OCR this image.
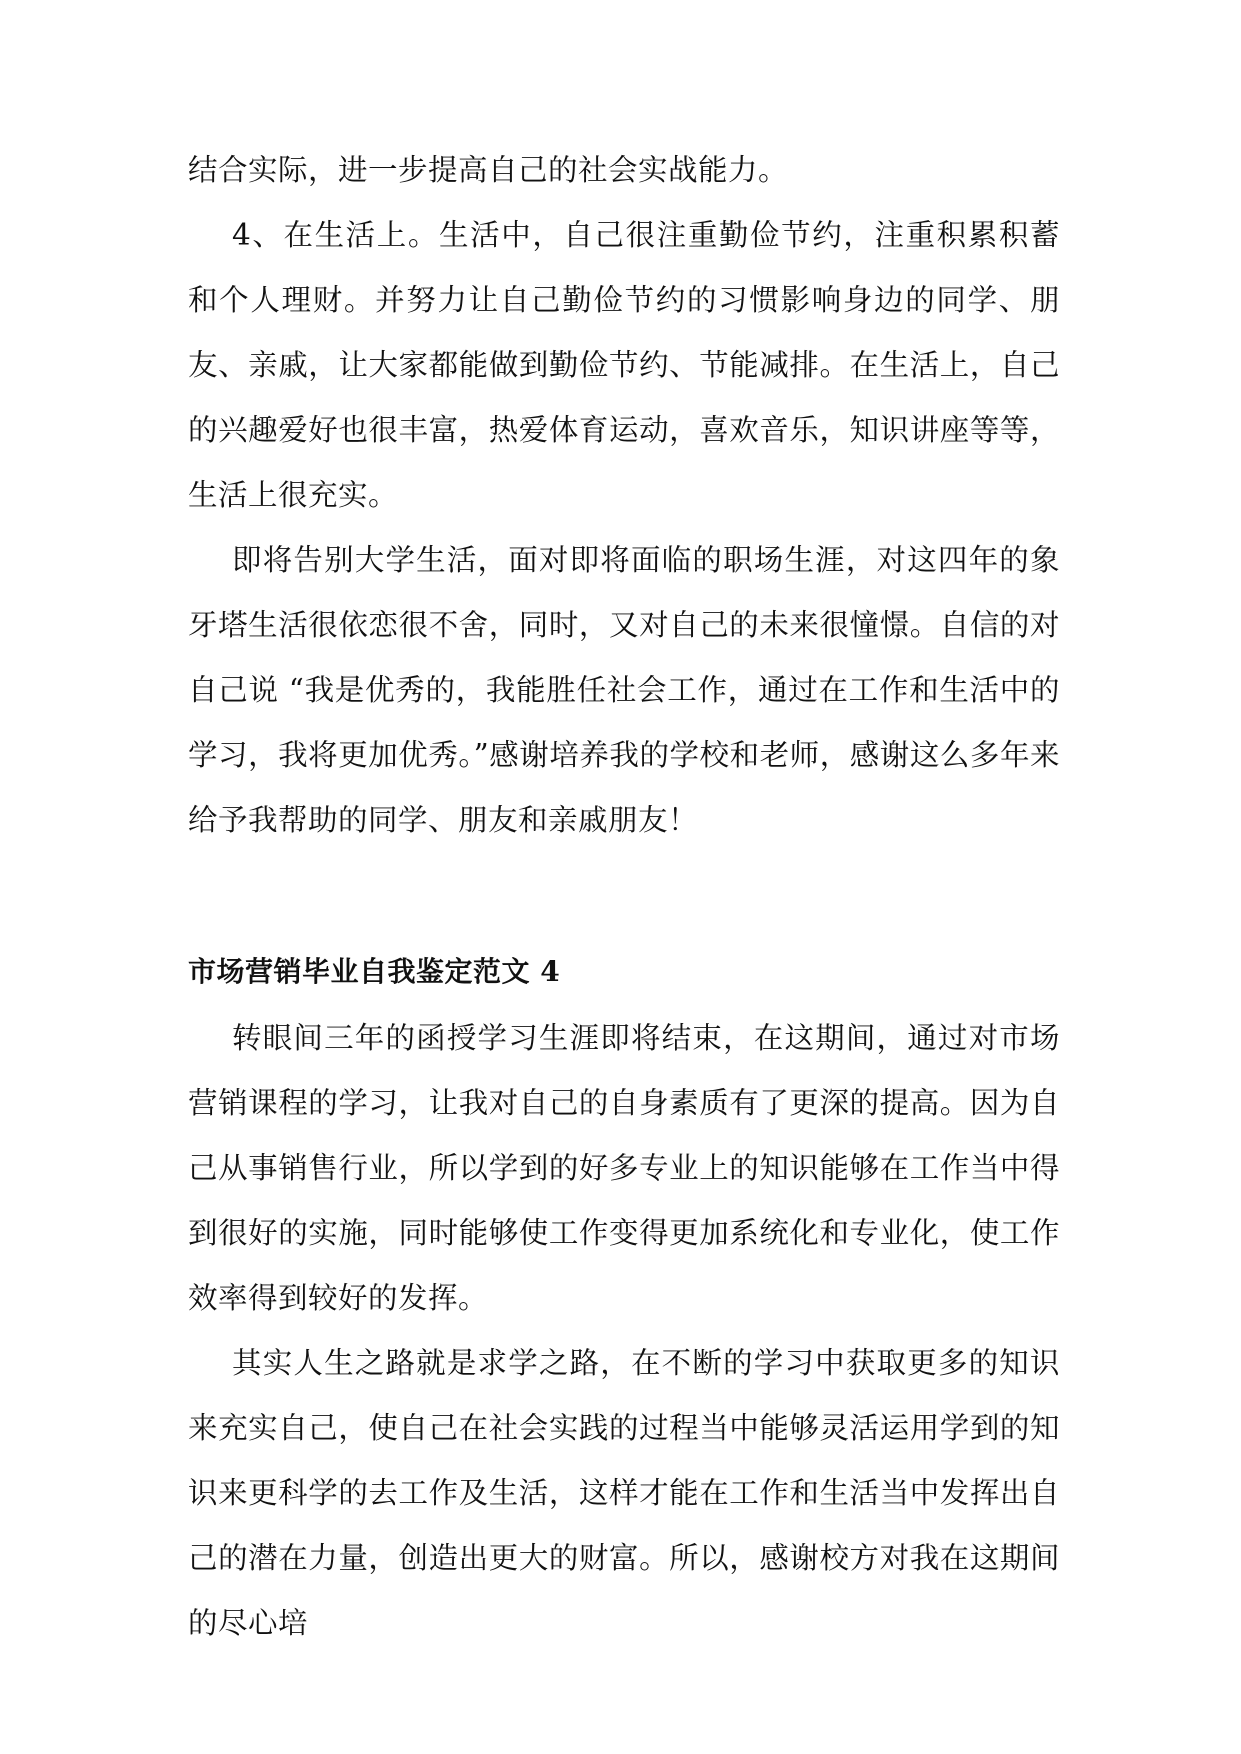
结合实际，进一步提高自己的社会实战能力。

4、在生活上。生活中，自己很注重勤俭节约，注重积累积蓄和个人理财。并努力让自己勤俭节约的习惯影响身边的同学、朋友、亲戚，让大家都能做到勤俭节约、节能减排。在生活上，自己的兴趣爱好也很丰富，热爱体育运动，喜欢音乐，知识讲座等等，生活上很充实。

即将告别大学生活，面对即将面临的职场生涯，对这四年的象牙塔生活很依恋很不舍，同时，又对自己的未来很憧憬。自信的对自己说 “我是优秀的，我能胜任社会工作，通过在工作和生活中的学习，我将更加优秀。”感谢培养我的学校和老师，感谢这么多年来给予我帮助的同学、朋友和亲戚朋友！

市场营销毕业自我鉴定范文 4

转眼间三年的函授学习生涯即将结束，在这期间，通过对市场营销课程的学习，让我对自己的自身素质有了更深的提高。因为自己从事销售行业，所以学到的好多专业上的知识能够在工作当中得到很好的实施，同时能够使工作变得更加系统化和专业化，使工作效率得到较好的发挥。

其实人生之路就是求学之路，在不断的学习中获取更多的知识来充实自己，使自己在社会实践的过程当中能够灵活运用学到的知识来更科学的去工作及生活，这样才能在工作和生活当中发挥出自己的潜在力量，创造出更大的财富。所以，感谢校方对我在这期间的尽心培
